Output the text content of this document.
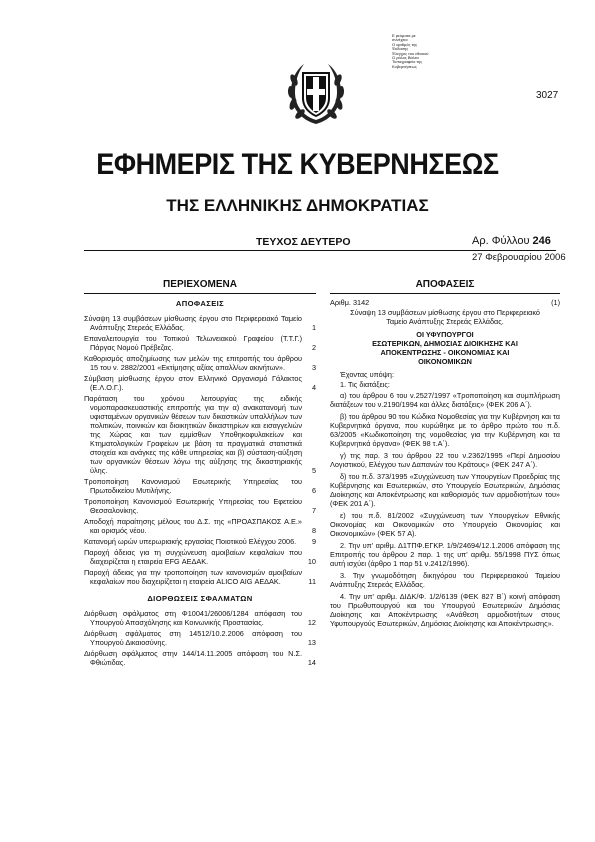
Ε ρεύματα με
συνέχεια
Ο αριθμός της
Έκδοσης
Έλεγχος του εθνικού
Ο ρόλος Βάλτα
Τυπογραφείο της
Κυβερνήσεως
3027
ΕΦΗΜΕΡΙΣ ΤΗΣ ΚΥΒΕΡΝΗΣΕΩΣ
ΤΗΣ ΕΛΛΗΝΙΚΗΣ ΔΗΜΟΚΡΑΤΙΑΣ
ΤΕΥΧΟΣ ΔΕΥΤΕΡΟ	Αρ. Φύλλου 246
27 Φεβρουαρίου 2006
ΠΕΡΙΕΧΟΜΕΝΑ
ΑΠΟΦΑΣΕΙΣ
Σύναψη 13 συμβάσεων μίσθωσης έργου στο Περιφερειακό Ταμείο Ανάπτυξης Στερεάς Ελλάδας.	1
Επαναλειτουργία του Τοπικού Τελωνειακού Γραφείου (Τ.Τ.Γ.) Πάργας Νομού Πρέβεζας.	2
Καθορισμός αποζημίωσης των μελών της επιτροπής του άρθρου 15 του ν. 2882/2001 «Εκτίμησης αξίας απαλλ/ων ακινήτων».	3
Σύμβαση μίσθωσης έργου στον Ελληνικό Οργανισμό Γάλακτος (Ε.Λ.Ο.Γ.).	4
Παράταση του χρόνου λειτουργίας της ειδικής νομοπαρασκευαστικής επιτροπής για την α) ανακατανομή των υφισταμένων οργανικών θέσεων των δικαστικών υπαλλήλων των πολιτικών, ποινικών και διοικητικών δικαστηρίων και εισαγγελιών της Χώρας και των εμμίσθων Υποθηκοφυλακείων και Κτηματολογικών Γραφείων με βάση τα πραγματικά στατιστικά στοιχεία και ανάγκες της κάθε υπηρεσίας και β) σύσταση-αύξηση των οργανικών θέσεων λόγω της αύξησης της δικαστηριακής ύλης.	5
Τροποποίηση Κανονισμού Εσωτερικής Υπηρεσίας του Πρωτοδικείου Μυτιλήνης.	6
Τροποποίηση Κανονισμού Εσωτερικής Υπηρεσίας του Εφετείου Θεσσαλονίκης.	7
Αποδοχή παραίτησης μέλους του Δ.Σ. της «ΠΡΟΑΣΠΑΚΟΣ Α.Ε.» και ορισμός νέου.	8
Κατανομή ωρών υπερωριακής εργασίας Ποιοτικού Ελέγχου 2006.	9
Παροχή άδειας για τη συγχώνευση αμοιβαίων κεφαλαίων που διαχειρίζεται η εταιρεία EFG ΑΕΔΑΚ.	10
Παροχή άδειας για την τροποποίηση των κανονισμών αμοιβαίων κεφαλαίων που διαχειρίζεται η εταιρεία ALICO AIG ΑΕΔΑΚ.	11
ΔΙΟΡΘΩΣΕΙΣ ΣΦΑΛΜΑΤΩΝ
Διόρθωση σφάλματος στη Φ10041/26006/1284 απόφαση του Υπουργού Απασχόλησης και Κοινωνικής Προστασίας.	12
Διόρθωση σφάλματος στη 14512/10.2.2006 απόφαση του Υπουργού Δικαιοσύνης.	13
Διόρθωση σφάλματος στην 144/14.11.2005 απόφαση του Ν.Σ. Φθιώτιδας.	14
ΑΠΟΦΑΣΕΙΣ
Αριθμ. 3142	(1)
Σύναψη 13 συμβάσεων μίσθωσης έργου στο Περιφερειακό Ταμείο Ανάπτυξης Στερεάς Ελλάδας.
ΟΙ ΥΦΥΠΟΥΡΓΟΙ
ΕΣΩΤΕΡΙΚΩΝ, ΔΗΜΟΣΙΑΣ ΔΙΟΙΚΗΣΗΣ ΚΑΙ
ΑΠΟΚΕΝΤΡΩΣΗΣ - ΟΙΚΟΝΟΜΙΑΣ ΚΑΙ
ΟΙΚΟΝΟΜΙΚΩΝ

Έχοντας υπόψη:

1. Τις διατάξεις:

α) του άρθρου 6 του ν.2527/1997 «Τροποποίηση και συμπλήρωση διατάξεων του ν.2190/1994 και άλλες διατάξεις» (ΦΕΚ 206 Α΄).

β) του άρθρου 90 του Κώδικα Νομοθεσίας για την Κυβέρνηση και τα Κυβερνητικά όργανα, που κυρώθηκε με το άρθρο πρώτο του π.δ. 63/2005 «Κωδικοποίηση της νομοθεσίας για την Κυβέρνηση και τα Κυβερνητικά όργανα» (ΦΕΚ 98 τ.Α΄).

γ) της παρ. 3 του άρθρου 22 του ν.2362/1995 «Περί Δημοσίου Λογιστικού, Ελέγχου των Δαπανών του Κράτους» (ΦΕΚ 247 Α΄).

δ) του π.δ. 373/1995 «Συγχώνευση των Υπουργείων Προεδρίας της Κυβέρνησης και Εσωτερικών, στο Υπουργείο Εσωτερικών, Δημόσιας Διοίκησης και Αποκέντρωσης και καθορισμός των αρμοδιοτήτων του» (ΦΕΚ 201 Α΄).

ε) του π.δ. 81/2002 «Συγχώνευση των Υπουργείων Εθνικής Οικονομίας και Οικονομικών στο Υπουργείο Οικονομίας και Οικονομικών» (ΦΕΚ 57 Α).

2. Την υπ' αριθμ. Δ1ΤΠΦ.ΕΓΚΡ. 1/9/24694/12.1.2006 απόφαση της Επιτροπής του άρθρου 2 παρ. 1 της υπ' αριθμ. 55/1998 ΠΥΣ όπως αυτή ισχύει (άρθρο 1 παρ 51 ν.2412/1996).

3. Την γνωμοδότηση δικηγόρου του Περιφερειακού Ταμείου Ανάπτυξης Στερεάς Ελλάδας.

4. Την υπ' αριθμ. ΔΙΔΚ/Φ. 1/2/6139 (ΦΕΚ 827 Β΄) κοινή απόφαση του Πρωθυπουργού και του Υπουργού Εσωτερικών Δημόσιας Διοίκησης και Αποκέντρωσης «Ανάθεση αρμοδιοτήτων στους Υφυπουργούς Εσωτερικών, Δημόσιας Διοίκησης και Αποκέντρωσης».
